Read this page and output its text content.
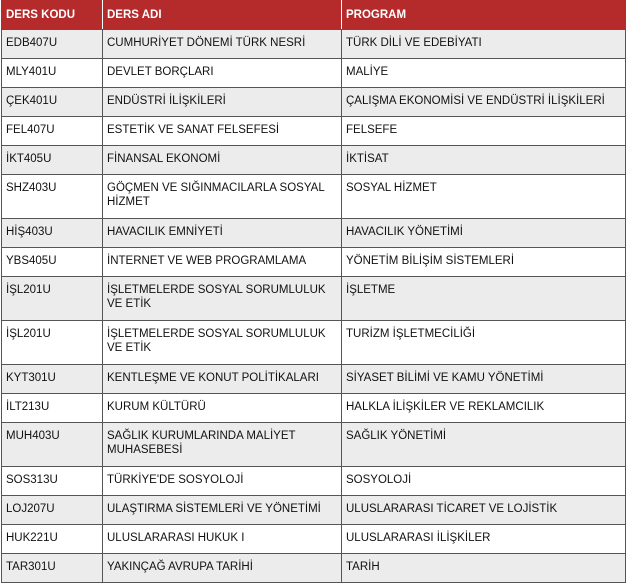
DERS KODU	DERS ADI	PROGRAM
EDB407U	CUMHURİYET DÖNEMİ TÜRK NESRİ	TÜRK DİLİ VE EDEBİYATI
MLY401U	DEVLET BORÇLARI	MALİYE
ÇEK401U	ENDÜSTRİ İLİŞKİLERİ	ÇALIŞMA EKONOMİSİ VE ENDÜSTRİ İLİŞKİLERİ
FEL407U	ESTETİK VE SANAT FELSEFESİ	FELSEFE
İKT405U	FİNANSAL EKONOMİ	İKTİSAT
SHZ403U	GÖÇMEN VE SIĞINMACILARLA SOSYAL HİZMET	SOSYAL HİZMET
HİŞ403U	HAVACILIK EMNİYETİ	HAVACILIK YÖNETİMİ
YBS405U	İNTERNET VE WEB PROGRAMLAMA	YÖNETİM BİLİŞİM SİSTEMLERİ
İŞL201U	İŞLETMELERDE SOSYAL SORUMLULUK VE ETİK	İŞLETME
İŞL201U	İŞLETMELERDE SOSYAL SORUMLULUK VE ETİK	TURİZM İŞLETMECİLİĞİ
KYT301U	KENTLEŞME VE KONUT POLİTİKALARI	SİYASET BİLİMİ VE KAMU YÖNETİMİ
İLT213U	KURUM KÜLTÜRÜ	HALKLA İLİŞKİLER VE REKLAMCILIK
MUH403U	SAĞLIK KURUMLARINDA MALİYET MUHASEBESİ	SAĞLIK YÖNETİMİ
SOS313U	TÜRKİYE'DE SOSYOLOJİ	SOSYOLOJİ
LOJ207U	ULAŞTIRMA SİSTEMLERİ VE YÖNETİMİ	ULUSLARARASI TİCARET VE LOJİSTİK
HUK221U	ULUSLARARASI HUKUK I	ULUSLARARASI İLİŞKİLER
TAR301U	YAKINÇAĞ AVRUPA TARİHİ	TARİH
